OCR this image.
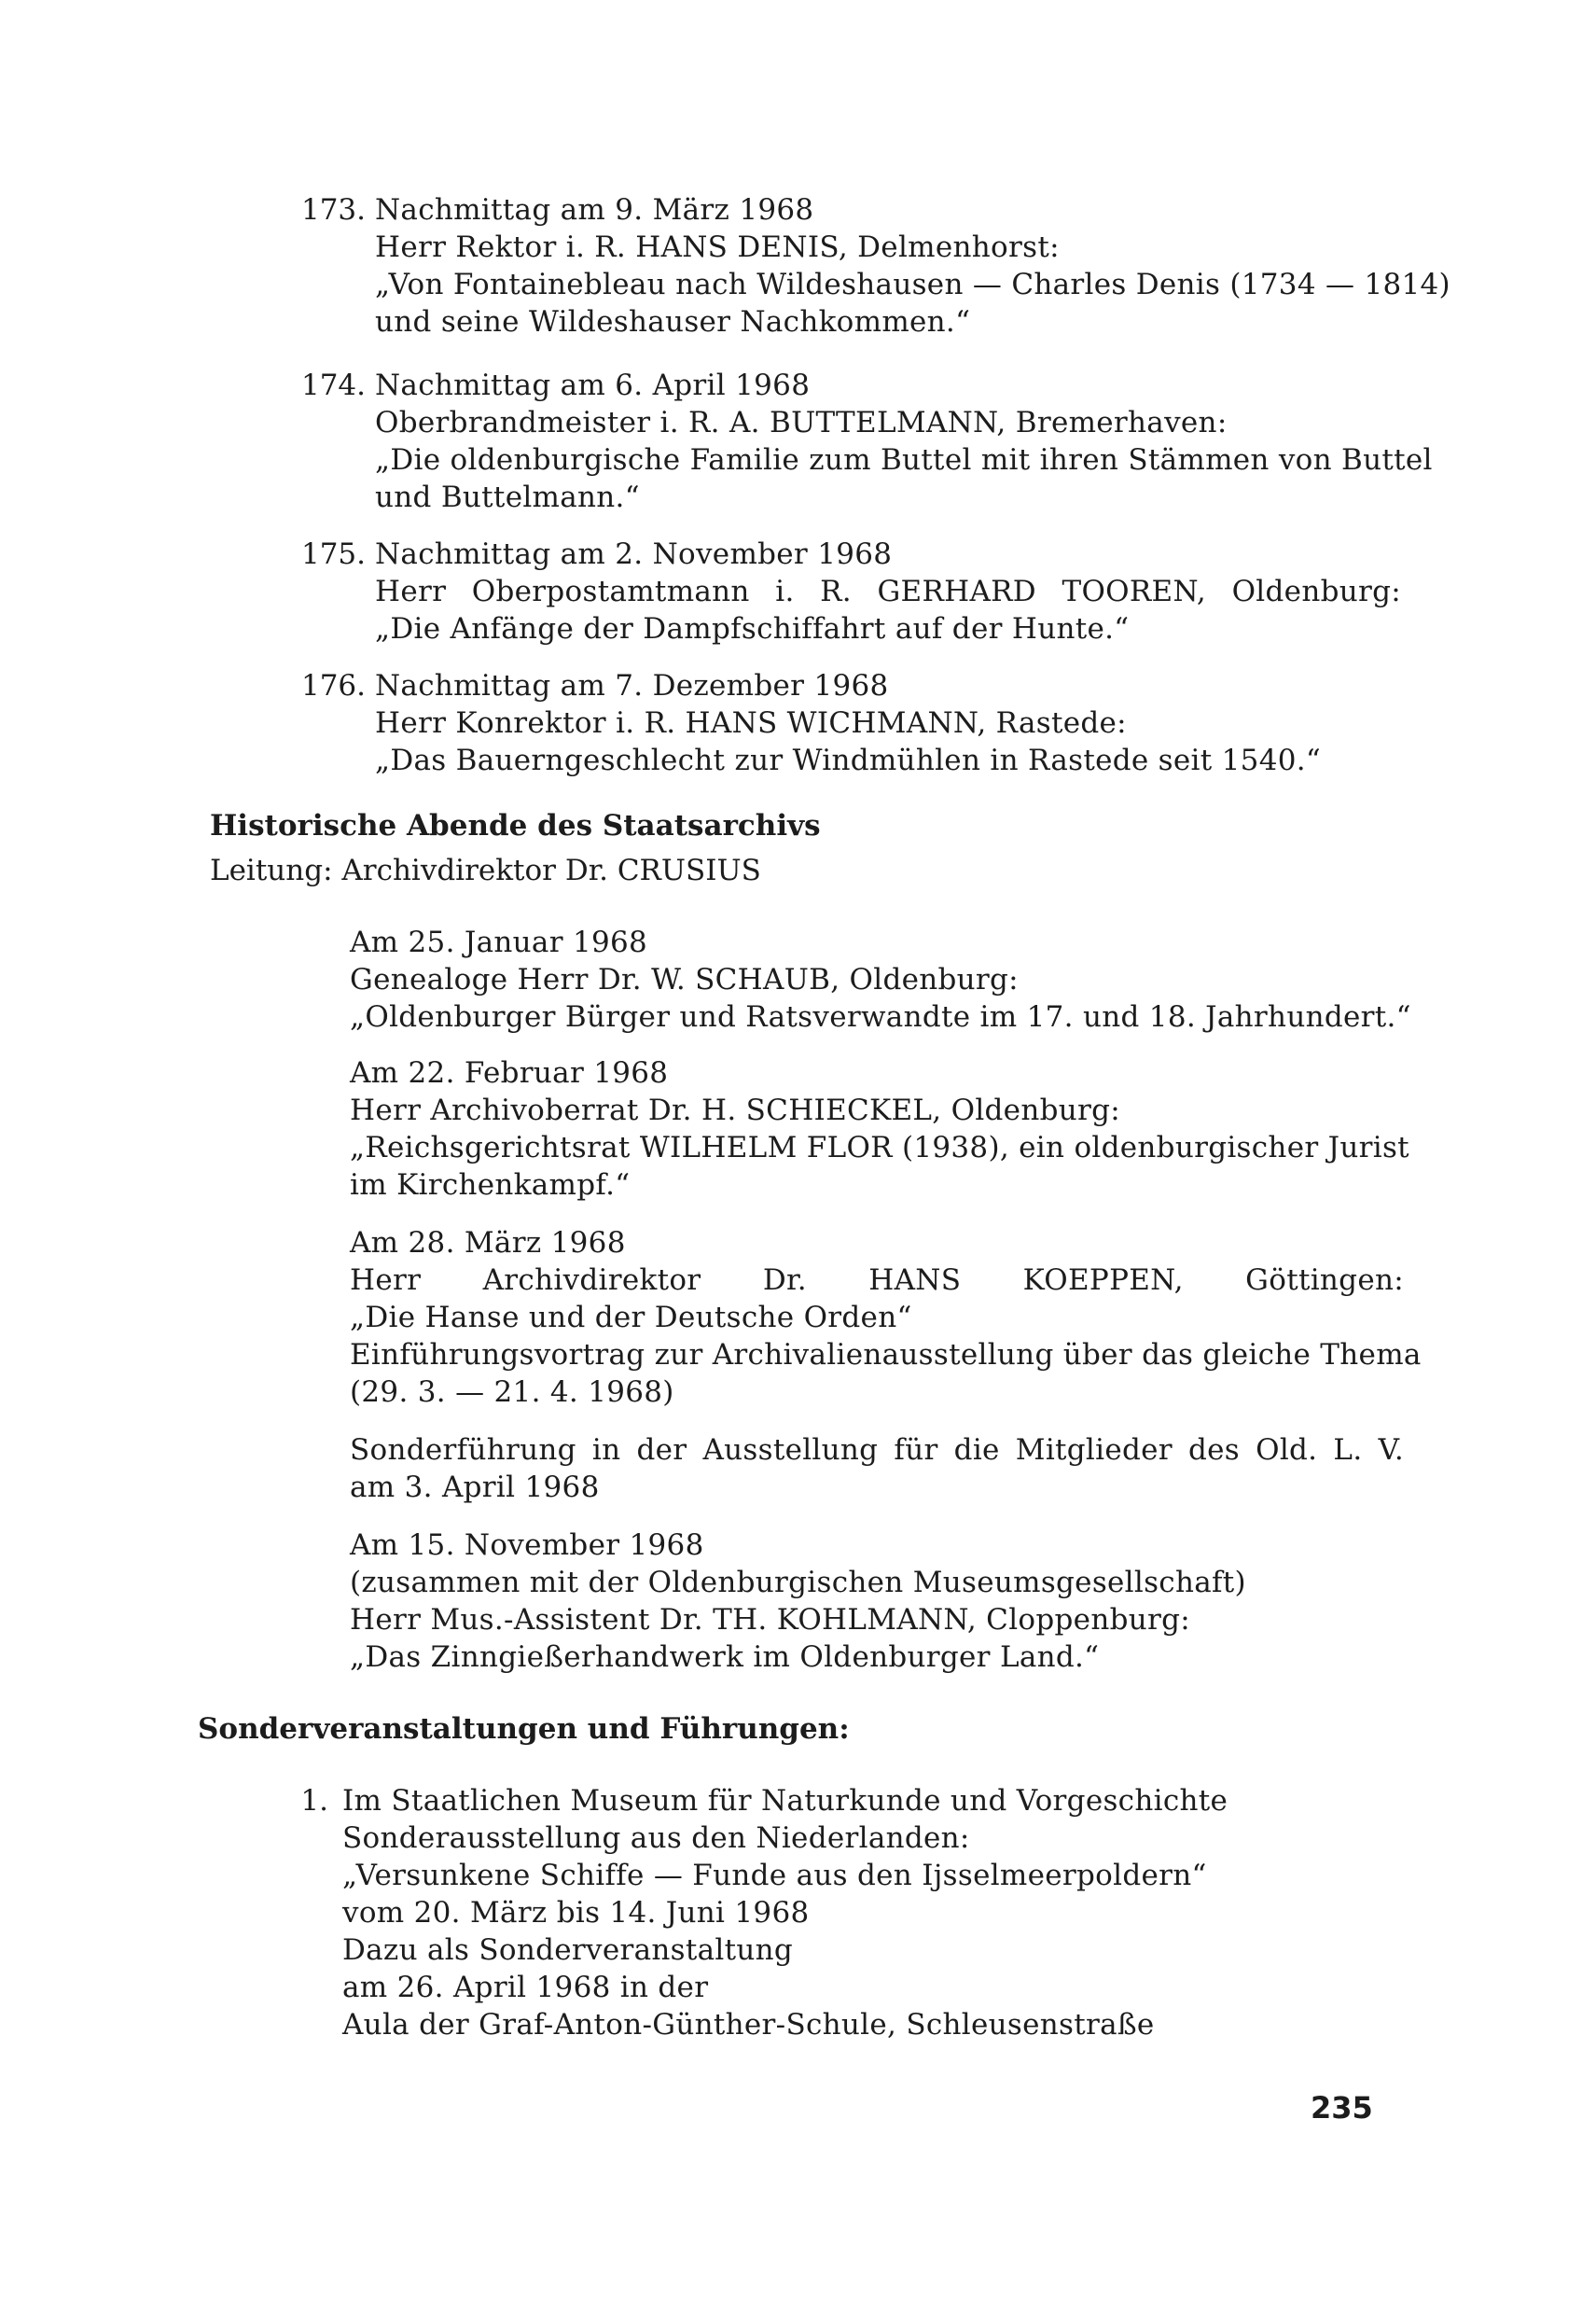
173. Nachmittag am 9. März 1968
Herr Rektor i. R. HANS DENIS, Delmenhorst:
„Von Fontainebleau nach Wildeshausen — Charles Denis (1734 — 1814)
und seine Wildeshauser Nachkommen.“
174. Nachmittag am 6. April 1968
Oberbrandmeister i. R. A. BUTTELMANN, Bremerhaven:
„Die oldenburgische Familie zum Buttel mit ihren Stämmen von Buttel
und Buttelmann.“
175. Nachmittag am 2. November 1968
Herr Oberpostamtmann i. R. GERHARD TOOREN, Oldenburg:
„Die Anfänge der Dampfschiffahrt auf der Hunte.“
176. Nachmittag am 7. Dezember 1968
Herr Konrektor i. R. HANS WICHMANN, Rastede:
„Das Bauerngeschlecht zur Windmühlen in Rastede seit 1540.“
Historische Abende des Staatsarchivs
Leitung: Archivdirektor Dr. CRUSIUS
Am 25. Januar 1968
Genealoge Herr Dr. W. SCHAUB, Oldenburg:
„Oldenburger Bürger und Ratsverwandte im 17. und 18. Jahrhundert.“
Am 22. Februar 1968
Herr Archivoberrat Dr. H. SCHIECKEL, Oldenburg:
„Reichsgerichtsrat WILHELM FLOR (1938), ein oldenburgischer Jurist
im Kirchenkampf.“
Am 28. März 1968
Herr Archivdirektor Dr. HANS KOEPPEN, Göttingen:
„Die Hanse und der Deutsche Orden“
Einführungsvortrag zur Archivalienausstellung über das gleiche Thema
(29. 3. — 21. 4. 1968)
Sonderführung in der Ausstellung für die Mitglieder des Old. L. V.
am 3. April 1968
Am 15. November 1968
(zusammen mit der Oldenburgischen Museumsgesellschaft)
Herr Mus.-Assistent Dr. TH. KOHLMANN, Cloppenburg:
„Das Zinngießerhandwerk im Oldenburger Land.“
Sonderveranstaltungen und Führungen:
1. Im Staatlichen Museum für Naturkunde und Vorgeschichte
Sonderausstellung aus den Niederlanden:
„Versunkene Schiffe — Funde aus den Ijsselmeerpoldern“
vom 20. März bis 14. Juni 1968
Dazu als Sonderveranstaltung
am 26. April 1968 in der
Aula der Graf-Anton-Günther-Schule, Schleusenstraße
235
